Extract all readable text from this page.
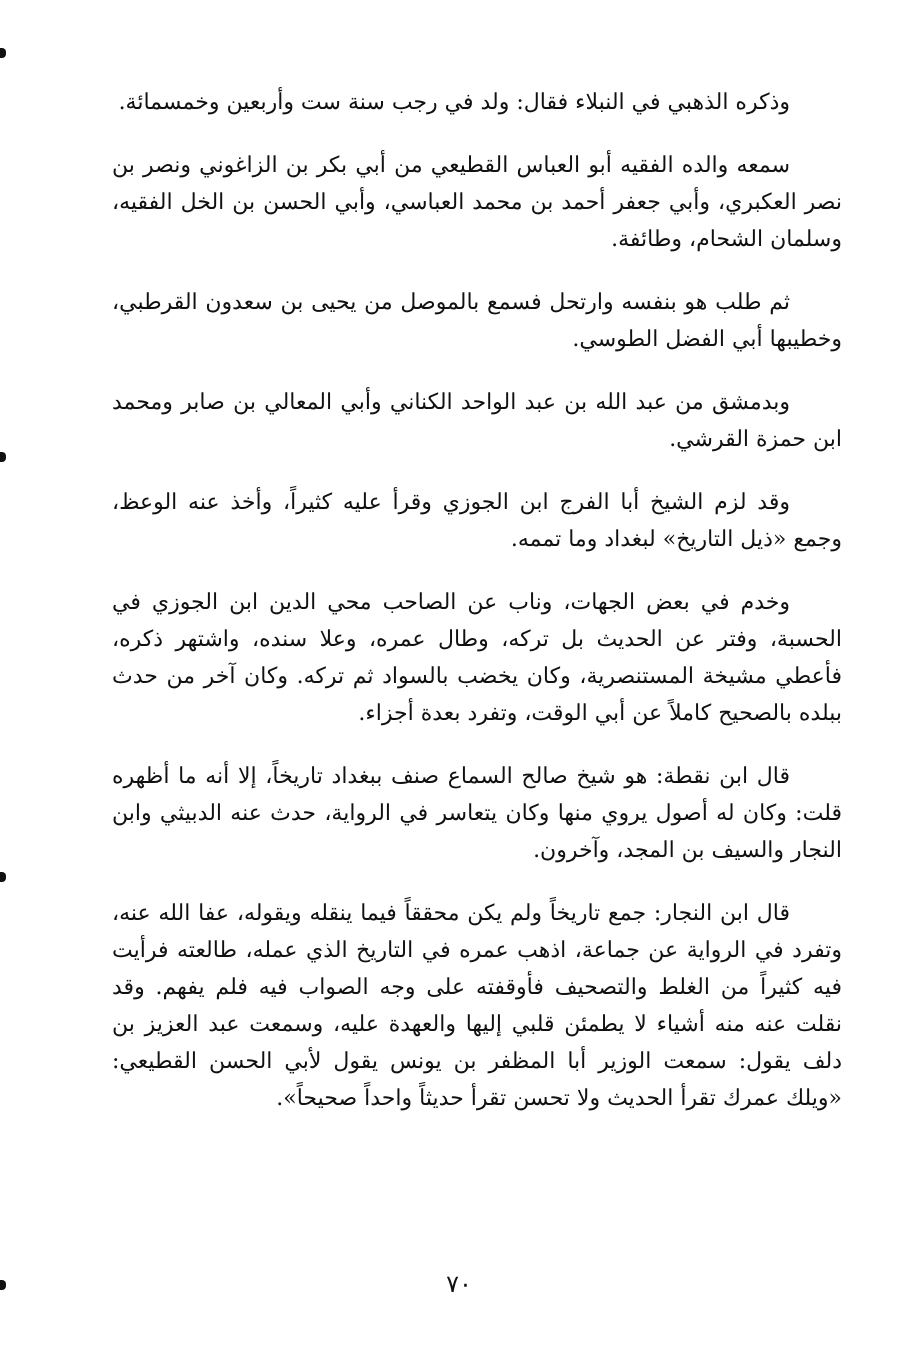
وذكره الذهبي في النبلاء فقال: ولد في رجب سنة ست وأربعين وخمسمائة.

سمعه والده الفقيه أبو العباس القطيعي من أبي بكر بن الزاغوني ونصر بن نصر العكبري، وأبي جعفر أحمد بن محمد العباسي، وأبي الحسن بن الخل الفقيه، وسلمان الشحام، وطائفة.

ثم طلب هو بنفسه وارتحل فسمع بالموصل من يحيى بن سعدون القرطبي، وخطيبها أبي الفضل الطوسي.

وبدمشق من عبد الله بن عبد الواحد الكناني وأبي المعالي بن صابر ومحمد ابن حمزة القرشي.

وقد لزم الشيخ أبا الفرج ابن الجوزي وقرأ عليه كثيراً، وأخذ عنه الوعظ، وجمع «ذيل التاريخ» لبغداد وما تممه.

وخدم في بعض الجهات، وناب عن الصاحب محي الدين ابن الجوزي في الحسبة، وفتر عن الحديث بل تركه، وطال عمره، وعلا سنده، واشتهر ذكره، فأعطي مشيخة المستنصرية، وكان يخضب بالسواد ثم تركه. وكان آخر من حدث ببلده بالصحيح كاملاً عن أبي الوقت، وتفرد بعدة أجزاء.

قال ابن نقطة: هو شيخ صالح السماع صنف ببغداد تاريخاً، إلا أنه ما أظهره قلت: وكان له أصول يروي منها وكان يتعاسر في الرواية، حدث عنه الدبيثي وابن النجار والسيف بن المجد، وآخرون.

قال ابن النجار: جمع تاريخاً ولم يكن محققاً فيما ينقله ويقوله، عفا الله عنه، وتفرد في الرواية عن جماعة، اذهب عمره في التاريخ الذي عمله، طالعته فرأيت فيه كثيراً من الغلط والتصحيف فأوقفته على وجه الصواب فيه فلم يفهم. وقد نقلت عنه منه أشياء لا يطمئن قلبي إليها والعهدة عليه، وسمعت عبد العزيز بن دلف يقول: سمعت الوزير أبا المظفر بن يونس يقول لأبي الحسن القطيعي: «ويلك عمرك تقرأ الحديث ولا تحسن تقرأ حديثاً واحداً صحيحاً».

٧٠
